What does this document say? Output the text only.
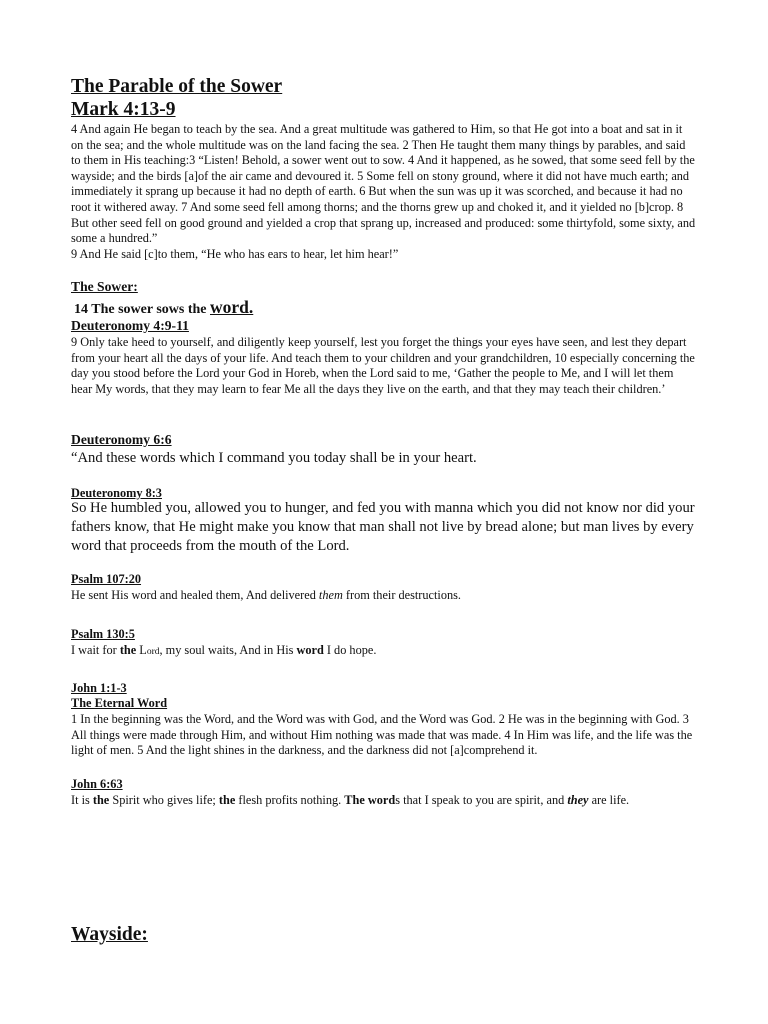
The Parable of the Sower
Mark 4:13-9

4 And again He began to teach by the sea. And a great multitude was gathered to Him, so that He got into a boat and sat in it on the sea; and the whole multitude was on the land facing the sea. 2 Then He taught them many things by parables, and said to them in His teaching:3 “Listen! Behold, a sower went out to sow. 4 And it happened, as he sowed, that some seed fell by the wayside; and the birds [a]of the air came and devoured it. 5 Some fell on stony ground, where it did not have much earth; and immediately it sprang up because it had no depth of earth. 6 But when the sun was up it was scorched, and because it had no root it withered away. 7 And some seed fell among thorns; and the thorns grew up and choked it, and it yielded no [b]crop. 8 But other seed fell on good ground and yielded a crop that sprang up, increased and produced: some thirtyfold, some sixty, and some a hundred.”

9 And He said [c]to them, “He who has ears to hear, let him hear!”

The Sower:
14 The sower sows the word.
Deuteronomy 4:9-11

9 Only take heed to yourself, and diligently keep yourself, lest you forget the things your eyes have seen, and lest they depart from your heart all the days of your life. And teach them to your children and your grandchildren, 10 especially concerning the day you stood before the Lord your God in Horeb, when the Lord said to me, ‘Gather the people to Me, and I will let them hear My words, that they may learn to fear Me all the days they live on the earth, and that they may teach their children.’

Deuteronomy 6:6

“And these words which I command you today shall be in your heart.

Deuteronomy 8:3

So He humbled you, allowed you to hunger, and fed you with manna which you did not know nor did your fathers know, that He might make you know that man shall not live by bread alone; but man lives by every word that proceeds from the mouth of the Lord.

Psalm 107:20

He sent His word and healed them, And delivered them from their destructions.

Psalm 130:5

I wait for the Lord, my soul waits, And in His word I do hope.

John 1:1-3
The Eternal Word

1 In the beginning was the Word, and the Word was with God, and the Word was God. 2 He was in the beginning with God. 3 All things were made through Him, and without Him nothing was made that was made. 4 In Him was life, and the life was the light of men. 5 And the light shines in the darkness, and the darkness did not [a]comprehend it.

John 6:63

It is the Spirit who gives life; the flesh profits nothing. The words that I speak to you are spirit, and they are life.

Wayside:
